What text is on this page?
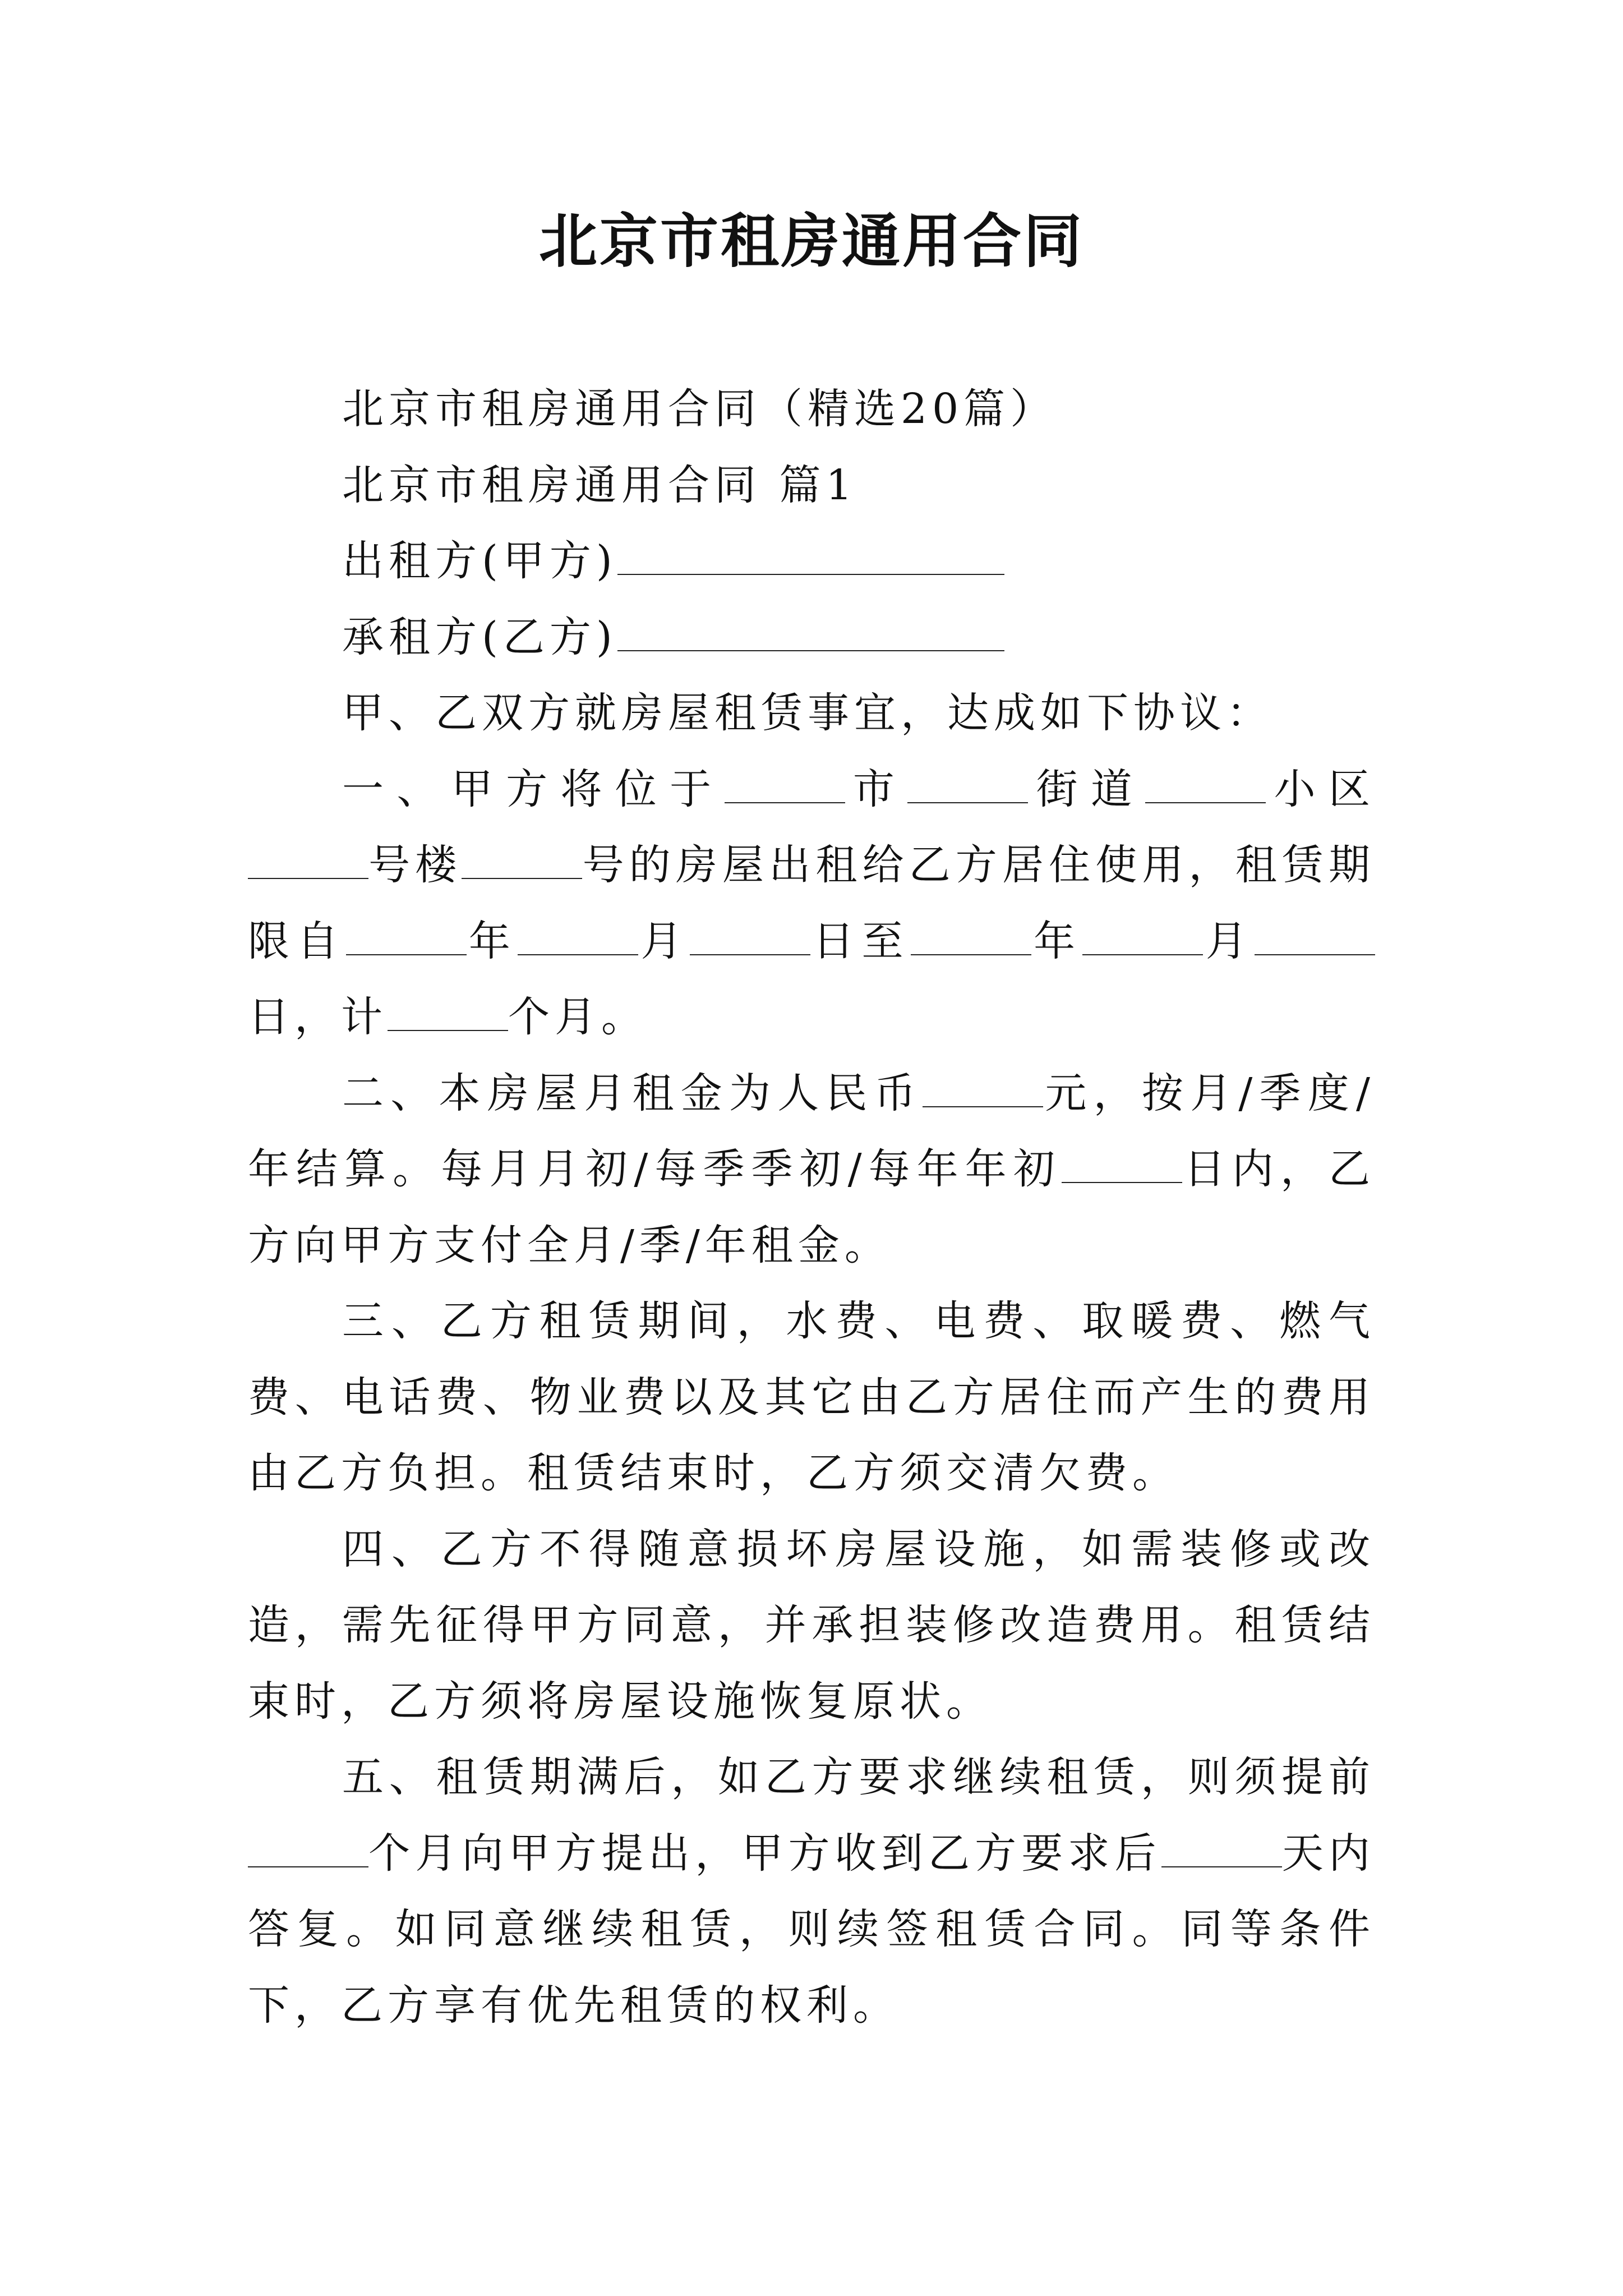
北京市租房通用合同

北京市租房通用合同（精选20篇）

北京市租房通用合同 篇1

出租方(甲方)

承租方(乙方)

甲、乙双方就房屋租赁事宜，达成如下协议：

一、甲方将位于	市	街道	小区号楼	号的房屋出租给乙方居住使用，租赁期限自	年	月	日至	年	月日，计	个月。

二、本房屋月租金为人民币	元，按月/季度/年结算。每月月初/每季季初/每年年初	日内，乙方向甲方支付全月/季/年租金。

三、乙方租赁期间，水费、电费、取暖费、燃气费、电话费、物业费以及其它由乙方居住而产生的费用由乙方负担。租赁结束时，乙方须交清欠费。

四、乙方不得随意损坏房屋设施，如需装修或改造，需先征得甲方同意，并承担装修改造费用。租赁结束时，乙方须将房屋设施恢复原状。

五、租赁期满后，如乙方要求继续租赁，则须提前个月向甲方提出，甲方收到乙方要求后	天内答复。如同意继续租赁，则续签租赁合同。同等条件下，乙方享有优先租赁的权利。
